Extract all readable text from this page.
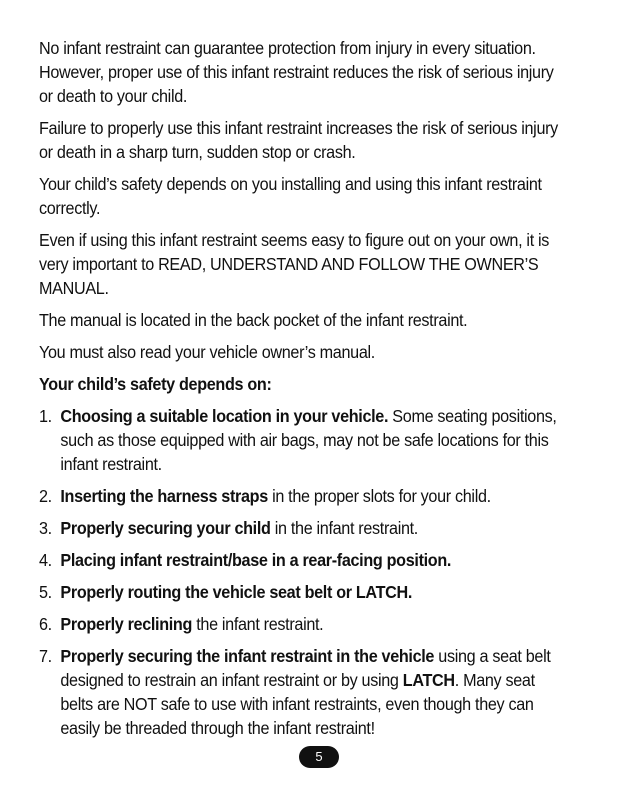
No infant restraint can guarantee protection from injury in every situation. However, proper use of this infant restraint reduces the risk of serious injury or death to your child.

Failure to properly use this infant restraint increases the risk of serious injury or death in a sharp turn, sudden stop or crash.

Your child’s safety depends on you installing and using this infant restraint correctly.

Even if using this infant restraint seems easy to figure out on your own, it is very important to READ, UNDERSTAND AND FOLLOW THE OWNER’S MANUAL.

The manual is located in the back pocket of the infant restraint.

You must also read your vehicle owner’s manual.

Your child’s safety depends on:

1. Choosing a suitable location in your vehicle. Some seating positions, such as those equipped with air bags, may not be safe locations for this infant restraint.
2. Inserting the harness straps in the proper slots for your child.
3. Properly securing your child in the infant restraint.
4. Placing infant restraint/base in a rear-facing position.
5. Properly routing the vehicle seat belt or LATCH.
6. Properly reclining the infant restraint.
7. Properly securing the infant restraint in the vehicle using a seat belt designed to restrain an infant restraint or by using LATCH. Many seat belts are NOT safe to use with infant restraints, even though they can easily be threaded through the infant restraint!
5
